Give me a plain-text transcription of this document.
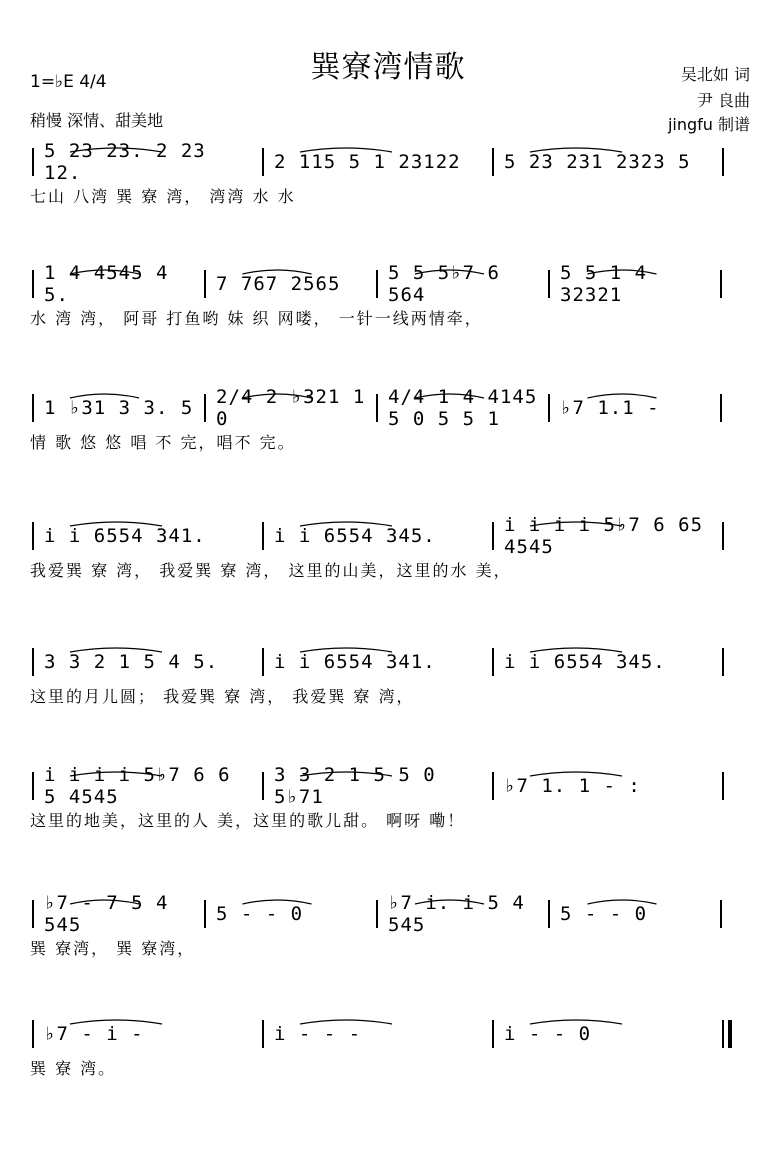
巽寮湾情歌	吴北如 词
尹 良曲
jingfu 制谱
1=♭E 4/4
稍慢 深情、甜美地
5 23 23. 2 23 12.	2 115 5 1 23122	5 23 231 2323 5
七山 八湾 巽 寮 湾， 湾湾 水 水
1 4 4545 4 5.	7 767 2565	5 5 5♭7 6 564
5 5 1 4 32321
水 湾 湾， 阿哥 打鱼哟 妹 织 网喽， 一针一线两情牵，
1 ♭31 3 3. 5	2/4 2 ♭321 1 0
4/4 1 4 4145 5 0 5 5 1	♭7 1.1 -
情 歌 悠 悠 唱 不 完，唱不 完。
i i 6554 341.	i i 6554 345.	i i i i 5♭7 6 65 4545
我爱巽 寮 湾， 我爱巽 寮 湾， 这里的山美，这里的水 美，
3 3 2 1 5 4 5.	i i 6554 341.	i i 6554 345.
这里的月儿圆； 我爱巽 寮 湾， 我爱巽 寮 湾，
i i i i 5♭7 6 6 5 4545
3 3 2 1 5 5 0 5♭71	♭7 1. 1 - :
这里的地美，这里的人 美，这里的歌儿甜。 啊呀 嘞！
♭7 - 7 5 4 545	5 - - 0	♭7 i. i 5 4 545	5 - - 0
巽 寮湾， 巽 寮湾，
♭7 - i -	i - - -	i - - 0
巽 寮 湾。
